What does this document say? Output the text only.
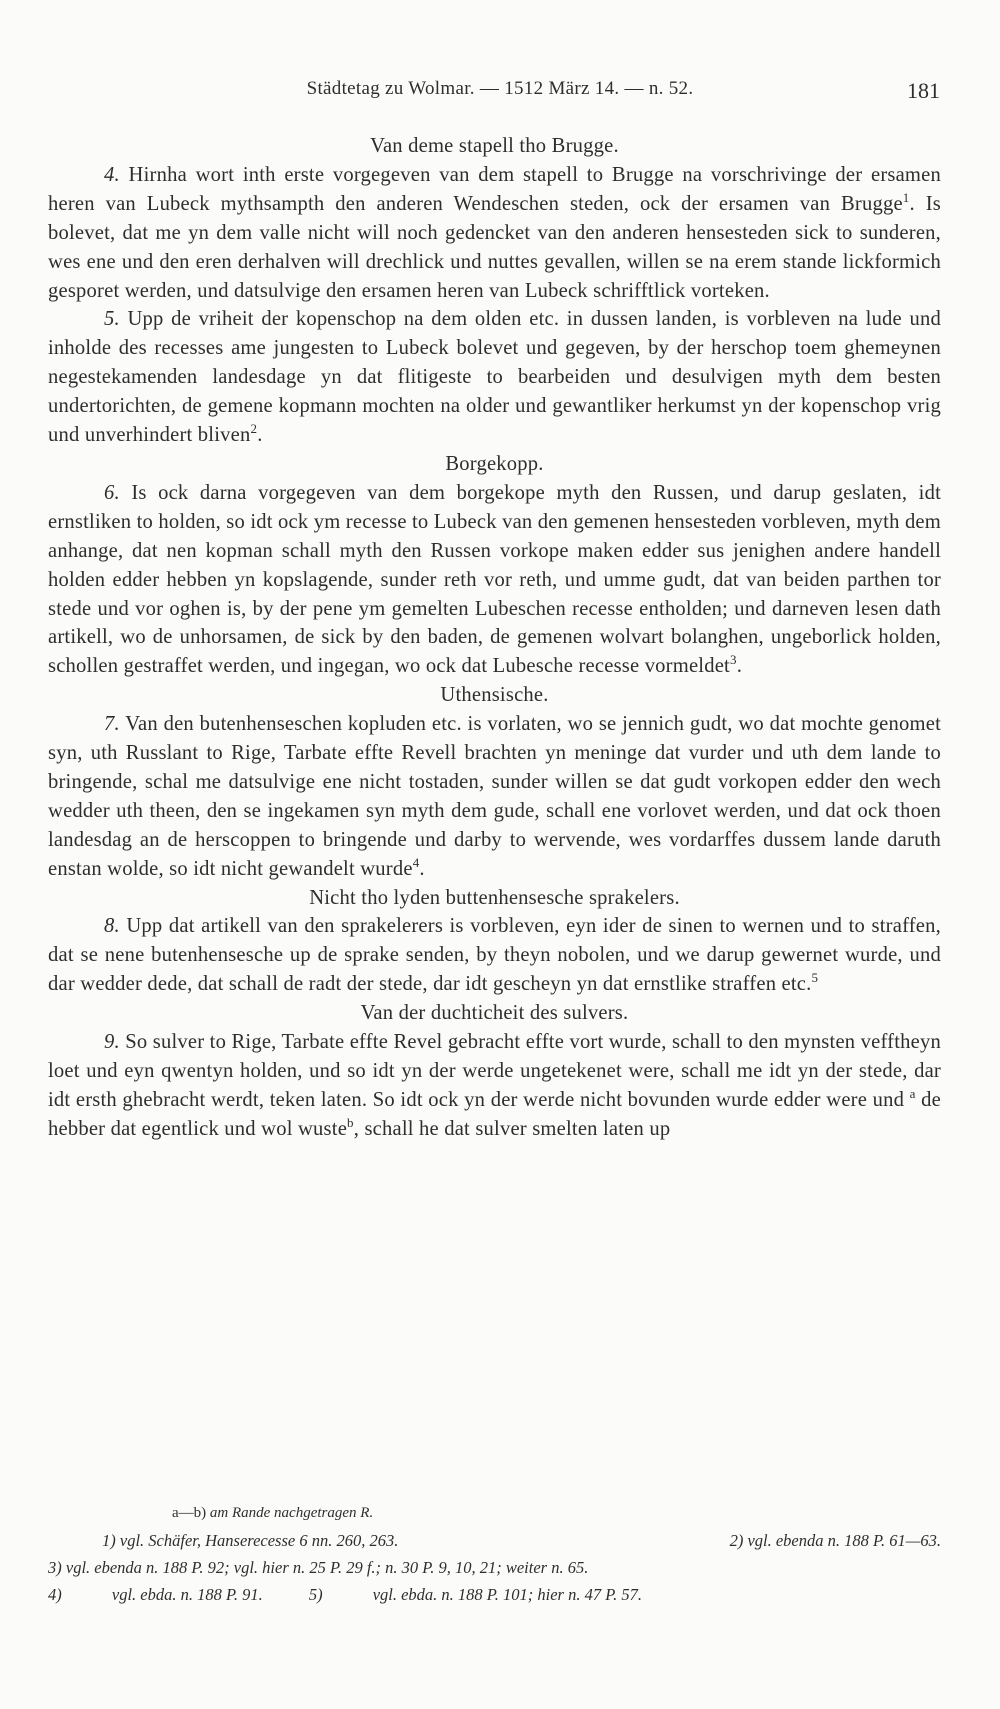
Städtetag zu Wolmar. — 1512 März 14. — n. 52.	181
Van deme stapell tho Brugge.

4. Hirnha wort inth erste vorgegeven van dem stapell to Brugge na vorschrivinge der ersamen heren van Lubeck mythsampth den anderen Wendeschen steden, ock der ersamen van Brugge$^1$. Is bolevet, dat me yn dem valle nicht will noch gedencket van den anderen hensesteden sick to sunderen, wes ene und den eren derhalven will drechlick und nuttes gevallen, willen se na erem stande lickformich gesporet werden, und datsulvige den ersamen heren van Lubeck schrifftlick vorteken.

5. Upp de vriheit der kopenschop na dem olden etc. in dussen landen, is vorbleven na lude und inholde des recesses ame jungesten to Lubeck bolevet und gegeven, by der herschop toem ghemeynen negestekamenden landesdage yn dat flitigeste to bearbeiden und desulvigen myth dem besten undertorichten, de gemene kopmann mochten na older und gewantliker herkumst yn der kopenschop vrig und unverhindert bliven$^2$.

Borgekopp.

6. Is ock darna vorgegeven van dem borgekope myth den Russen, und darup geslaten, idt ernstliken to holden, so idt ock ym recesse to Lubeck van den gemenen hensesteden vorbleven, myth dem anhange, dat nen kopman schall myth den Russen vorkope maken edder sus jenighen andere handell holden edder hebben yn kopslagende, sunder reth vor reth, und umme gudt, dat van beiden parthen tor stede und vor oghen is, by der pene ym gemelten Lubeschen recesse entholden; und darneven lesen dath artikell, wo de unhorsamen, de sick by den baden, de gemenen wolvart bolanghen, ungeborlick holden, schollen gestraffet werden, und ingegan, wo ock dat Lubesche recesse vormeldet$^3$.

Uthensische.

7. Van den butenhenseschen kopluden etc. is vorlaten, wo se jennich gudt, wo dat mochte genomet syn, uth Russlant to Rige, Tarbate effte Revell brachten yn meninge dat vurder und uth dem lande to bringende, schal me datsulvige ene nicht tostaden, sunder willen se dat gudt vorkopen edder den wech wedder uth theen, den se ingekamen syn myth dem gude, schall ene vorlovet werden, und dat ock thoen landesdag an de herscoppen to bringende und darby to wervende, wes vordarffes dussem lande daruth enstan wolde, so idt nicht gewandelt wurde$^4$.

Nicht tho lyden buttenhensesche sprakelers.

8. Upp dat artikell van den sprakelerers is vorbleven, eyn ider de sinen to wernen und to straffen, dat se nene butenhensesche up de sprake senden, by theyn nobolen, und we darup gewernet wurde, und dar wedder dede, dat schall de radt der stede, dar idt gescheyn yn dat ernstlike straffen etc.$^5$

Van der duchticheit des sulvers.

9. So sulver to Rige, Tarbate effte Revel gebracht effte vort wurde, schall to den mynsten vefftheyn loet und eyn qwentyn holden, und so idt yn der werde ungetekenet were, schall me idt yn der stede, dar idt ersth ghebracht werdt, teken laten. So idt ock yn der werde nicht bovunden wurde edder were und $^a$ de hebber dat egentlick und wol wuste$^b$, schall he dat sulver smelten laten up

a—b) am Rande nachgetragen R.
1) vgl. Schäfer, Hanserecesse 6 nn. 260, 263.	2) vgl. ebenda n. 188 P. 61—63.
3) vgl. ebenda n. 188 P. 92; vgl. hier n. 25 P. 29 f.; n. 30 P. 9, 10, 21; weiter n. 65.
4)	vgl. ebda. n. 188 P. 91.	5)	vgl. ebda. n. 188 P. 101; hier n. 47 P. 57.
